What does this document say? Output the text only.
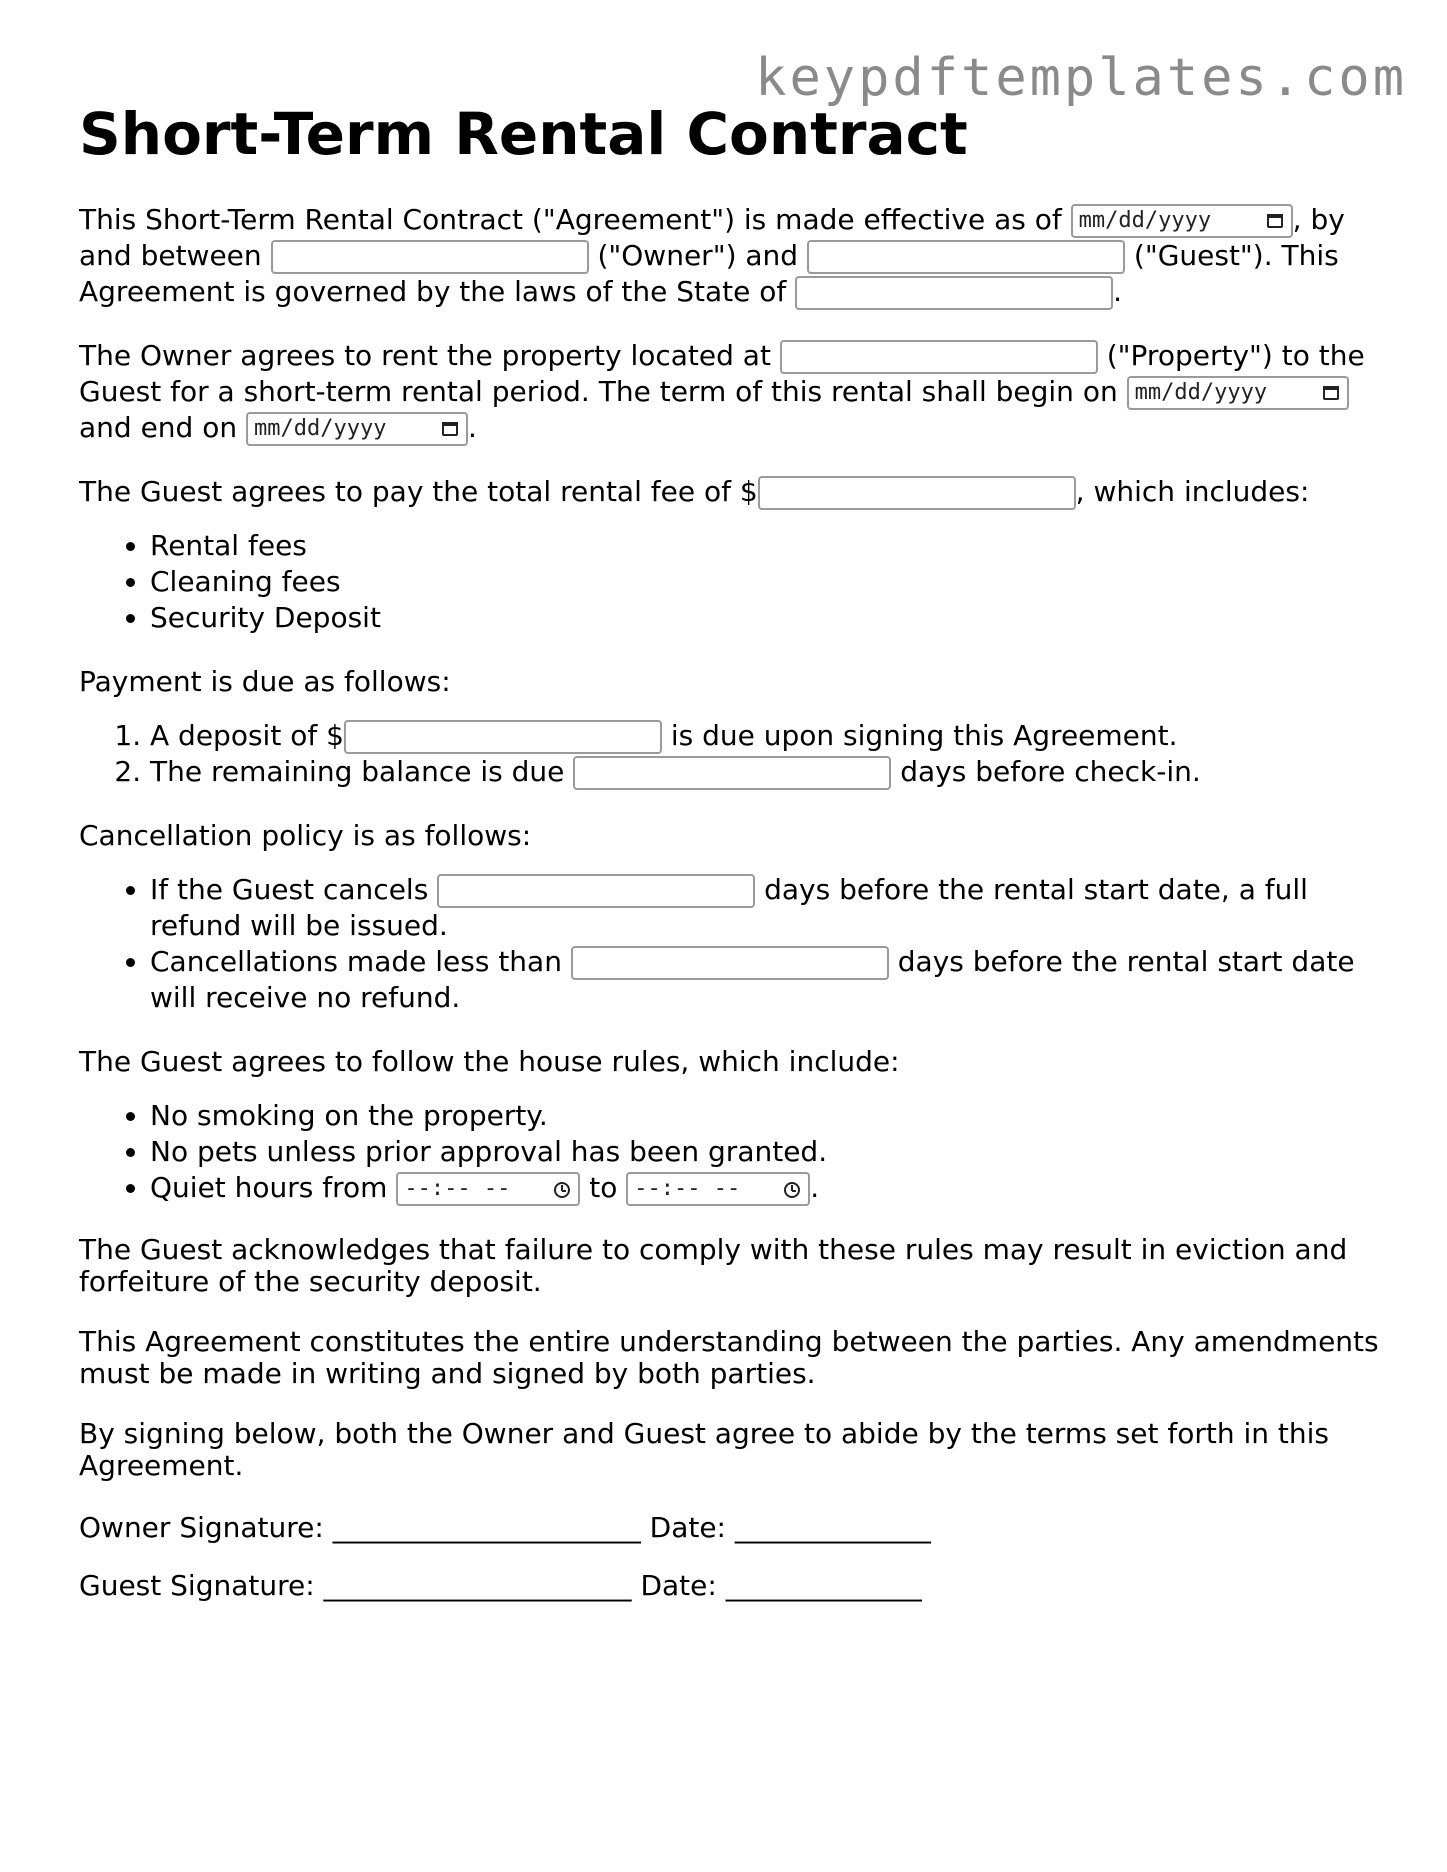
keypdftemplates.com
Short-Term Rental Contract

This Short-Term Rental Contract ("Agreement") is made effective as of mm/dd/yyyy	, by and between	("Owner") and	("Guest"). This Agreement is governed by the laws of the State of	.

The Owner agrees to rent the property located at	("Property") to the Guest for a short-term rental period. The term of this rental shall begin on mm/dd/yyyy
and end on mm/dd/yyyy	.

The Guest agrees to pay the total rental fee of $	, which includes:

• Rental fees
• Cleaning fees
• Security Deposit

Payment is due as follows:

1. A deposit of $	is due upon signing this Agreement.
2. The remaining balance is due	days before check-in.

Cancellation policy is as follows:

• If the Guest cancels	days before the rental start date, a full refund will be issued.
• Cancellations made less than	days before the rental start date will receive no refund.

The Guest agrees to follow the house rules, which include:

• No smoking on the property.
• No pets unless prior approval has been granted.
• Quiet hours from --:-- --	to --:-- --	.

The Guest acknowledges that failure to comply with these rules may result in eviction and forfeiture of the security deposit.

This Agreement constitutes the entire understanding between the parties. Any amendments must be made in writing and signed by both parties.

By signing below, both the Owner and Guest agree to abide by the terms set forth in this Agreement.

Owner Signature: ______________________ Date: ______________

Guest Signature: ______________________ Date: ______________
